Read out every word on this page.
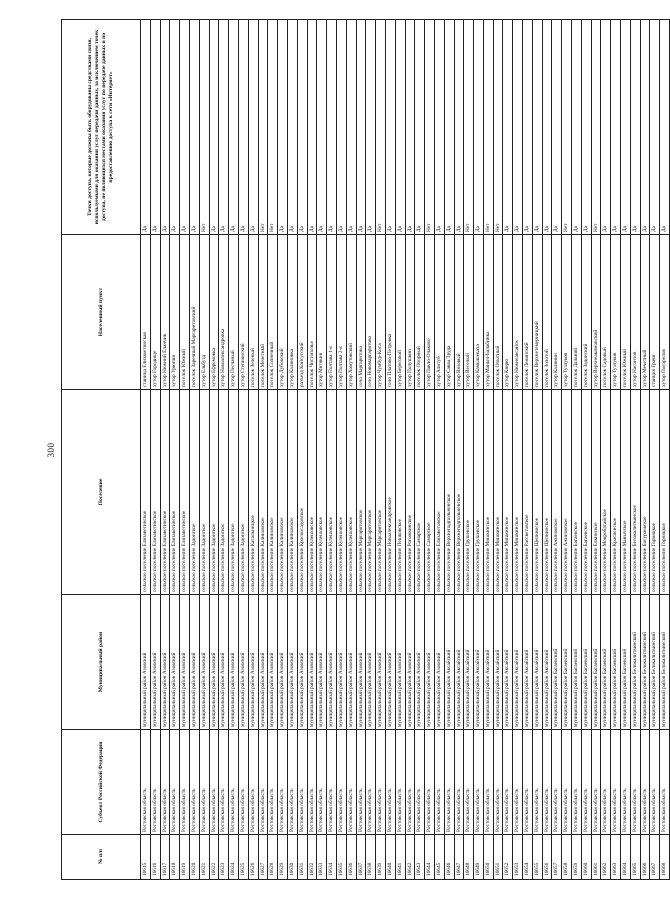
300
№ п/п	Субъект Российской Федерации	Муниципальный район	Поселение	Населенный пункт	Точки доступа, которые должны быть оборудованы средствами связи, используемыми для оказания услуг передачи данных, за исключением точек доступа, не являющихся местами оказания услуг по передаче данных и по предоставлению доступа к сети «Интернет»
16615	Ростовская область	муниципальный район Азовский	сельское поселение Елизаветинское	станица Елизаветинская	Да
16616	Ростовская область	муниципальный район Азовский	сельское поселение Елизаветинское	хутор Городище	Да
16617	Ростовская область	муниципальный район Азовский	сельское поселение Елизаветинское	хутор Нижний Еланчик	Да
16618	Ростовская область	муниципальный район Азовский	сельское поселение Елизаветинское	хутор Урюпин	Да
16619	Ростовская область	муниципальный район Азовский	сельское поселение Елизаветинское	поселок Южный	Да
16620	Ростовская область	муниципальный район Азовский	сельское поселение Задонское	поселок Заречный Маргаритовский	Да
16621	Ростовская область	муниципальный район Азовский	сельское поселение Задонское	хутор Ельбузд	Нет
16622	Ростовская область	муниципальный район Азовский	сельское поселение Задонское	хутор Ефремовка	Да
16623	Ростовская область	муниципальный район Азовский	сельское поселение Задонское	хутор Новоалександровка	Да
16624	Ростовская область	муниципальный район Азовский	сельское поселение Задонское	хутор Песчаный	Да
16625	Ростовская область	муниципальный район Азовский	сельское поселение Задонское	хутор Степнянский	Да
16626	Ростовская область	муниципальный район Азовский	сельское поселение Кагальницкое	поселок Зеленый	Да
16627	Ростовская область	муниципальный район Азовский	сельское поселение Калиновское	поселок Мечетный	Нет
16628	Ростовская область	муниципальный район Азовский	сельское поселение Калиновское	поселок Солнечный	Нет
16629	Ростовская область	муниципальный район Азовский	сельское поселение Калиновское	хутор Дубовский	Да
16630	Ростовская область	муниципальный район Азовский	сельское поселение Калиновское	хутор Калиновка	Да
16631	Ростовская область	муниципальный район Азовский	сельское поселение Красносадовское	разъезд Койсугский	Да
16632	Ростовская область	муниципальный район Азовский	сельское поселение Кулешовское	поселок Чистополье	Да
16633	Ростовская область	муниципальный район Азовский	сельское поселение Кулешовское	хутор Митякин	Да
16634	Ростовская область	муниципальный район Азовский	сельское поселение Кулешовское	хутор Полтава 1-я	Да
16635	Ростовская область	муниципальный район Азовский	сельское поселение Кулешовское	хутор Полтава 2-я	Да
16636	Ростовская область	муниципальный район Азовский	сельское поселение Кулешовское	хутор Хомутовский	Да
16637	Ростовская область	муниципальный район Азовский	сельское поселение Маргаритовское	село Маргаритово	Да
16638	Ростовская область	муниципальный район Азовский	сельское поселение Маргаритовское	село Новомаргаритово	Да
16639	Ростовская область	муниципальный район Азовский	сельское поселение Маргаритовское	хутор Чумбур-Коса	Нет
16640	Ростовская область	муниципальный район Азовский	сельское поселение Новоалександровское	село Платово-Петровка	Да
16641	Ростовская область	муниципальный район Азовский	сельское поселение Пешковское	хутор Береговой	Да
16642	Ростовская область	муниципальный район Азовский	сельское поселение Рогожкинское	хутор Полушкин	Да
16643	Ростовская область	муниципальный район Азовский	сельское поселение Самарское	поселок Опорный	Да
16644	Ростовская область	муниципальный район Азовский	сельское поселение Самарское	хутор Павло-Очаково	Нет
16645	Ростовская область	муниципальный район Азовский	сельское поселение Елизаветовское	хутор Алитуб	Да
16646	Ростовская область	муниципальный район Аксайский	сельское поселение Верхнеподпольненское	хутор Савва Труда	Да
16647	Ростовская область	муниципальный район Аксайский	сельское поселение Верхнеподпольненское	хутор Вязовый	Да
16648	Ростовская область	муниципальный район Аксайский	сельское поселение Грушевское	хутор Веселый	Нет
16649	Ростовская область	муниципальный район Аксайский	сельское поселение Грушевское	хутор Камышеваха	Да
16650	Ростовская область	муниципальный район Аксайский	сельское поселение Мишкинское	хутор Маныч-Балабинка	Нет
16651	Ростовская область	муниципальный район Аксайский	сельское поселение Мишкинское	поселок Опытный	Нет
16652	Ростовская область	муниципальный район Аксайский	сельское поселение Мишкинское	хутор Кюрю	Да
16653	Ростовская область	муниципальный район Аксайский	сельское поселение Мишкинское	хутор Нижнеаксайск	Да
16654	Ростовская область	муниципальный район Аксайский	сельское поселение Рассветовское	поселок Ленинский	Да
16655	Ростовская область	муниципальный район Аксайский	сельское поселение Щепкинское	поселок Верхнетемерницкий	Да
16656	Ростовская область	муниципальный район Аксайский	сельское поселение Щепкинское	поселок Золотой	Да
16657	Ростовская область	муниципальный район Багаевский	сельское поселение Ажиновское	хутор Калинин	Да
16658	Ростовская область	муниципальный район Багаевский	сельское поселение Ажиновское	хутор Тузлуков	Нет
16659	Ростовская область	муниципальный район Багаевский	сельское поселение Багаевское	поселок Дальний	Да
16660	Ростовская область	муниципальный район Багаевский	сельское поселение Багаевское	поселок Задонский	Да
16661	Ростовская область	муниципальный район Багаевский	сельское поселение Елкинское	хутор Верхнеакимовский	Нет
16662	Ростовская область	муниципальный район Багаевский	сельское поселение Мокробатайское	поселок Садовый	Да
16663	Ростовская область	муниципальный район Багаевский	сельское поселение Красненское	хутор Тузлуков	Да
16664	Ростовская область	муниципальный район Багаевский	сельское поселение Манычское	поселок Южный	Да
16665	Ростовская область	муниципальный район Белокалитвинский	сельское поселение Белокалитвинское	хутор Насонтов	Да
16666	Ростовская область	муниципальный район Белокалитвинский	сельское поселение Богураевское	хутор Мечетный	Да
16667	Ростовская область	муниципальный район Белокалитвинский	сельское поселение Горняцкое	станция Грачи	Да
16668	Ростовская область	муниципальный район Белокалитвинский	сельское поселение Горняцкое	хутор Погорелов	Да
